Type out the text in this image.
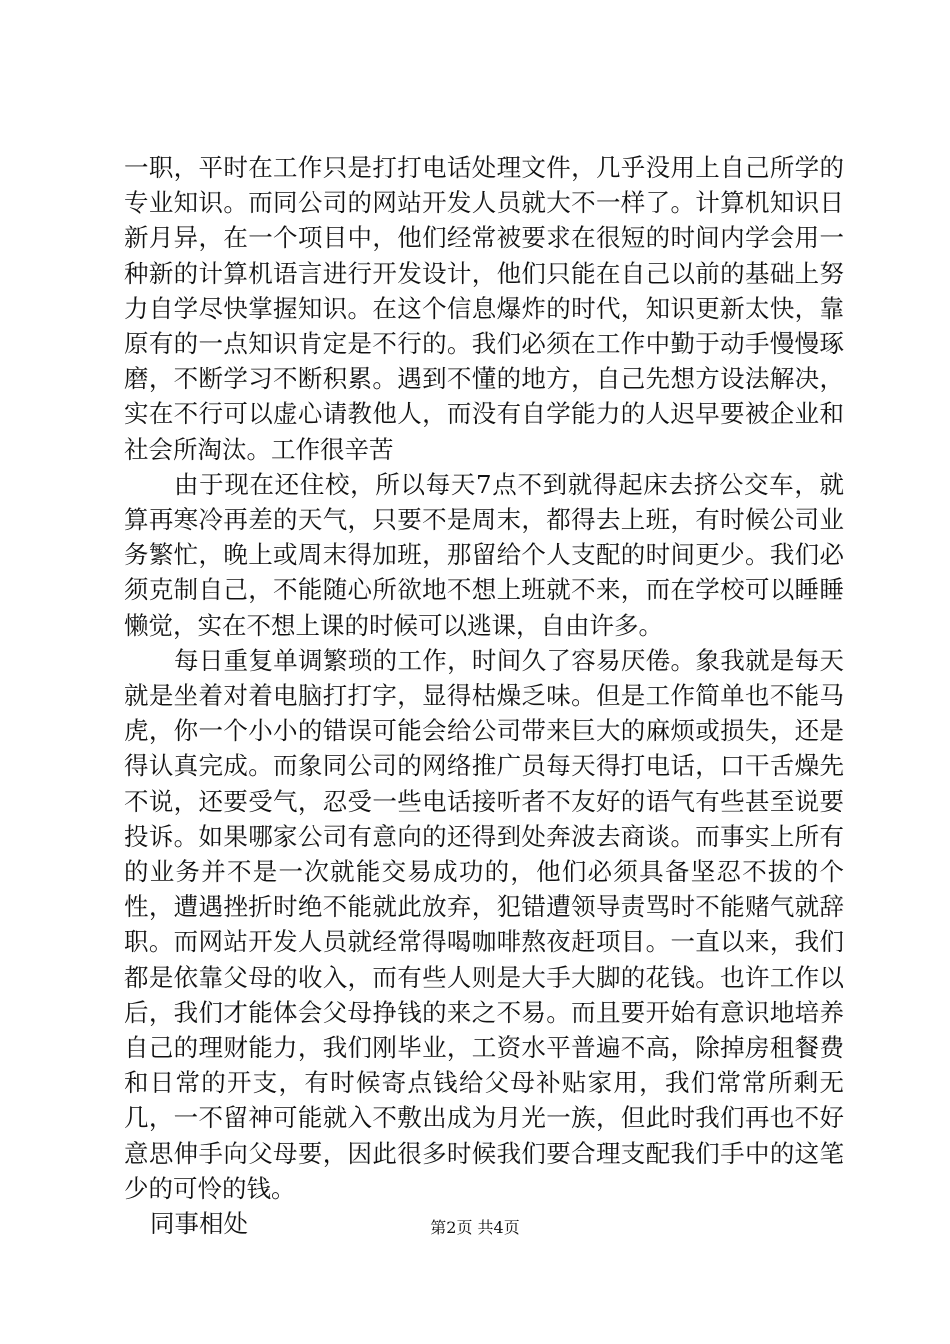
一职，平时在工作只是打打电话处理文件，几乎没用上自己所学的专业知识。而同公司的网站开发人员就大不一样了。计算机知识日新月异，在一个项目中，他们经常被要求在很短的时间内学会用一种新的计算机语言进行开发设计，他们只能在自己以前的基础上努力自学尽快掌握知识。在这个信息爆炸的时代，知识更新太快，靠原有的一点知识肯定是不行的。我们必须在工作中勤于动手慢慢琢磨，不断学习不断积累。遇到不懂的地方，自己先想方设法解决，实在不行可以虚心请教他人，而没有自学能力的人迟早要被企业和社会所淘汰。工作很辛苦

由于现在还住校，所以每天7点不到就得起床去挤公交车，就算再寒冷再差的天气，只要不是周末，都得去上班，有时候公司业务繁忙，晚上或周末得加班，那留给个人支配的时间更少。我们必须克制自己，不能随心所欲地不想上班就不来，而在学校可以睡睡懒觉，实在不想上课的时候可以逃课，自由许多。

每日重复单调繁琐的工作，时间久了容易厌倦。象我就是每天就是坐着对着电脑打打字，显得枯燥乏味。但是工作简单也不能马虎，你一个小小的错误可能会给公司带来巨大的麻烦或损失，还是得认真完成。而象同公司的网络推广员每天得打电话，口干舌燥先不说，还要受气，忍受一些电话接听者不友好的语气有些甚至说要投诉。如果哪家公司有意向的还得到处奔波去商谈。而事实上所有的业务并不是一次就能交易成功的，他们必须具备坚忍不拔的个性，遭遇挫折时绝不能就此放弃，犯错遭领导责骂时不能赌气就辞职。而网站开发人员就经常得喝咖啡熬夜赶项目。一直以来，我们都是依靠父母的收入，而有些人则是大手大脚的花钱。也许工作以后，我们才能体会父母挣钱的来之不易。而且要开始有意识地培养自己的理财能力，我们刚毕业，工资水平普遍不高，除掉房租餐费和日常的开支，有时候寄点钱给父母补贴家用，我们常常所剩无几，一不留神可能就入不敷出成为月光一族，但此时我们再也不好意思伸手向父母要，因此很多时候我们要合理支配我们手中的这笔少的可怜的钱。

同事相处	第2页 共4页
